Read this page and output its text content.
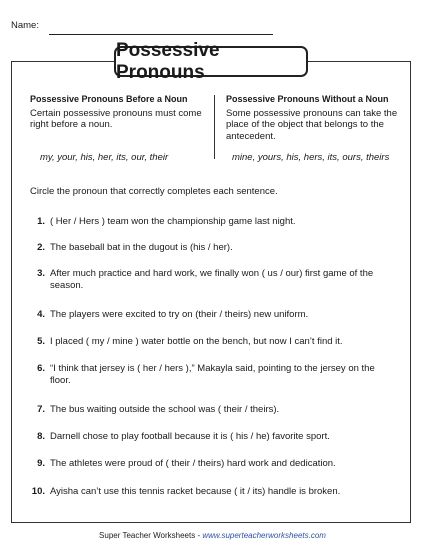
Name:
Possessive Pronouns
Possessive Pronouns Before a Noun
Certain possessive pronouns must come right before a noun.
my, your, his, her, its, our, their
Possessive Pronouns Without a Noun
Some possessive pronouns can take the place of the object that belongs to the antecedent.
mine, yours, his, hers, its, ours, theirs
Circle the pronoun that correctly completes each sentence.
1. ( Her / Hers ) team won the championship game last night.
2. The baseball bat in the dugout is (his / her).
3. After much practice and hard work, we finally won ( us / our) first game of the season.
4. The players were excited to try on (their / theirs) new uniform.
5. I placed ( my / mine ) water bottle on the bench, but now I can’t find it.
6. “I think that jersey is ( her / hers ),” Makayla said, pointing to the jersey on the floor.
7. The bus waiting outside the school was ( their / theirs).
8. Darnell chose to play football because it is ( his / he) favorite sport.
9. The athletes were proud of ( their / theirs) hard work and dedication.
10. Ayisha can’t use this tennis racket because ( it / its) handle is broken.
Super Teacher Worksheets - www.superteacherworksheets.com
